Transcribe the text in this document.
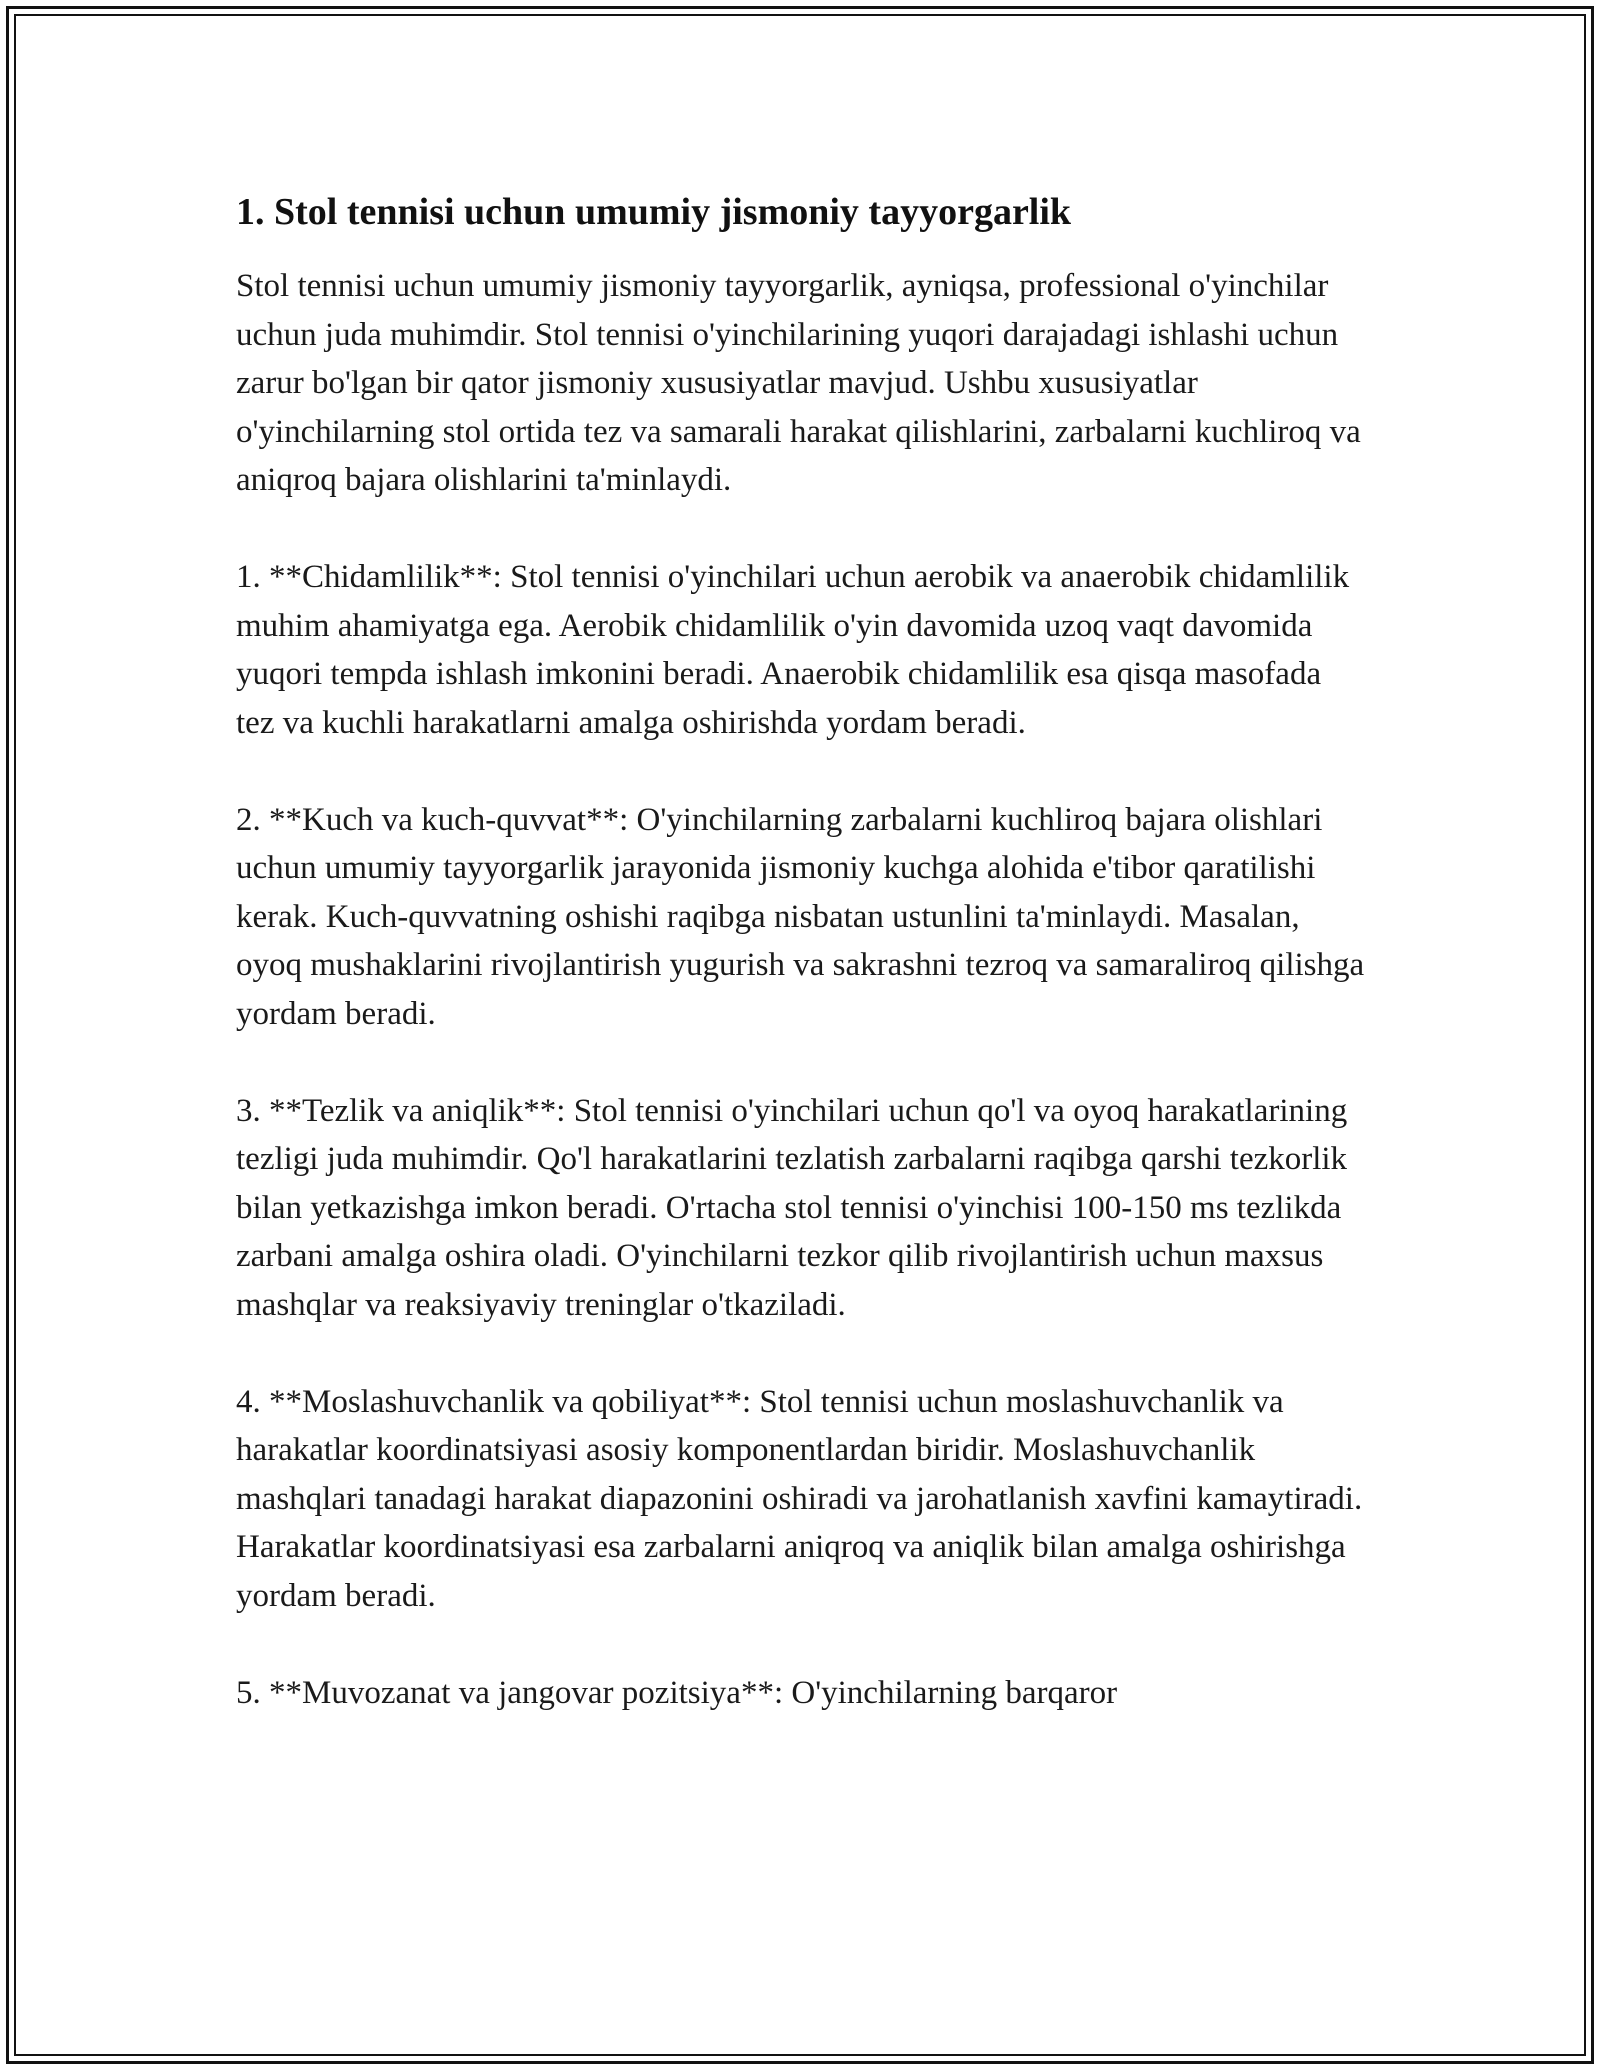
1. Stol tennisi uchun umumiy jismoniy tayyorgarlik

Stol tennisi uchun umumiy jismoniy tayyorgarlik, ayniqsa, professional o'yinchilar uchun juda muhimdir. Stol tennisi o'yinchilarining yuqori darajadagi ishlashi uchun zarur bo'lgan bir qator jismoniy xususiyatlar mavjud. Ushbu xususiyatlar o'yinchilarning stol ortida tez va samarali harakat qilishlarini, zarbalarni kuchliroq va aniqroq bajara olishlarini ta'minlaydi.

1. **Chidamlilik**: Stol tennisi o'yinchilari uchun aerobik va anaerobik chidamlilik muhim ahamiyatga ega. Aerobik chidamlilik o'yin davomida uzoq vaqt davomida yuqori tempda ishlash imkonini beradi. Anaerobik chidamlilik esa qisqa masofada tez va kuchli harakatlarni amalga oshirishda yordam beradi.

2. **Kuch va kuch-quvvat**: O'yinchilarning zarbalarni kuchliroq bajara olishlari uchun umumiy tayyorgarlik jarayonida jismoniy kuchga alohida e'tibor qaratilishi kerak. Kuch-quvvatning oshishi raqibga nisbatan ustunlini ta'minlaydi. Masalan, oyoq mushaklarini rivojlantirish yugurish va sakrashni tezroq va samaraliroq qilishga yordam beradi.

3. **Tezlik va aniqlik**: Stol tennisi o'yinchilari uchun qo'l va oyoq harakatlarining tezligi juda muhimdir. Qo'l harakatlarini tezlatish zarbalarni raqibga qarshi tezkorlik bilan yetkazishga imkon beradi. O'rtacha stol tennisi o'yinchisi 100-150 ms tezlikda zarbani amalga oshira oladi. O'yinchilarni tezkor qilib rivojlantirish uchun maxsus mashqlar va reaksiyaviy treninglar o'tkaziladi.

4. **Moslashuvchanlik va qobiliyat**: Stol tennisi uchun moslashuvchanlik va harakatlar koordinatsiyasi asosiy komponentlardan biridir. Moslashuvchanlik mashqlari tanadagi harakat diapazonini oshiradi va jarohatlanish xavfini kamaytiradi. Harakatlar koordinatsiyasi esa zarbalarni aniqroq va aniqlik bilan amalga oshirishga yordam beradi.

5. **Muvozanat va jangovar pozitsiya**: O'yinchilarning barqaror
